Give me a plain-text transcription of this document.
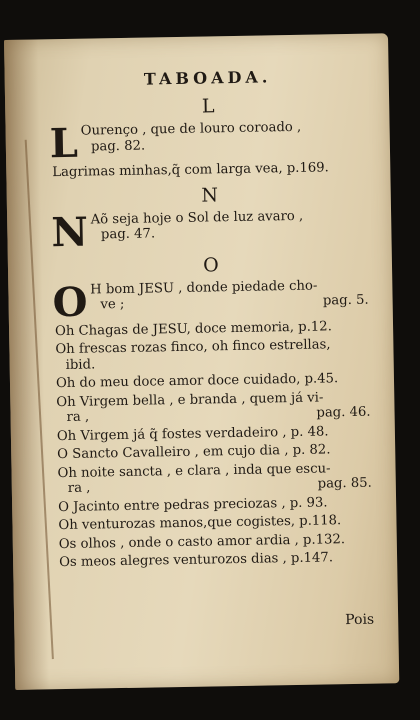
TABOADA.
L
L Ourenço , que de louro coroado ,
pag. 82.
Lagrimas minhas,q̃ com larga vea, p.169.
N
N Aõ seja hoje o Sol de luz avaro ,
pag. 47.
O
O H bom JESU , donde piedade cho-
ve ;	pag. 5.
Oh Chagas de JESU, doce memoria, p.12.
Oh frescas rozas finco, oh finco estrellas,
ibid.
Oh do meu doce amor doce cuidado, p.45.
Oh Virgem bella , e branda , quem já vi-
ra ,	pag. 46.
Oh Virgem já q̃ fostes verdadeiro , p. 48.
O Sancto Cavalleiro , em cujo dia , p. 82.
Oh noite sancta , e clara , inda que escu-
ra ,	pag. 85.
O Jacinto entre pedras preciozas , p. 93.
Oh venturozas manos,que cogistes, p.118.
Os olhos , onde o casto amor ardia , p.132.
Os meos alegres venturozos dias , p.147.
Pois
